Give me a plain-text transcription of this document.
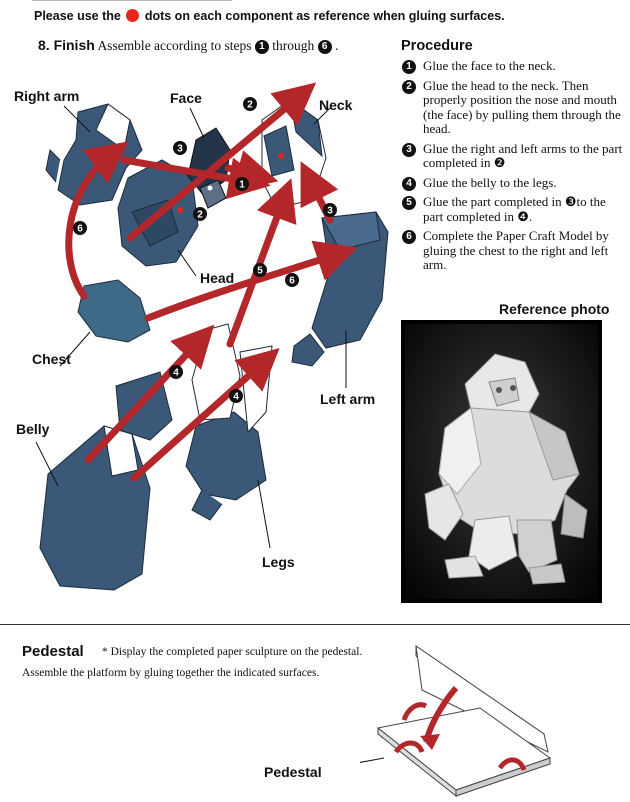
Please use the dots on each component as reference when gluing surfaces.
8. Finish Assemble according to steps 1 through 6 .
1
2
2
3
3
4
4
5
6
6
Right arm	Face	Neck
Head
Chest
Left arm
Belly
Legs
Procedure
1 Glue the face to the neck.
2 Glue the head to the neck. Then properly position the nose and mouth (the face) by pulling them through the head.
3 Glue the right and left arms to the part completed in ❷
4 Glue the belly to the legs.
5 Glue the part completed in ❸to the part completed in ❹.
6 Complete the Paper Craft Model by gluing the chest to the right and left arm.
Reference photo
Pedestal * Display the completed paper sculpture on the pedestal.
Assemble the platform by gluing together the indicated surfaces.
Pedestal
